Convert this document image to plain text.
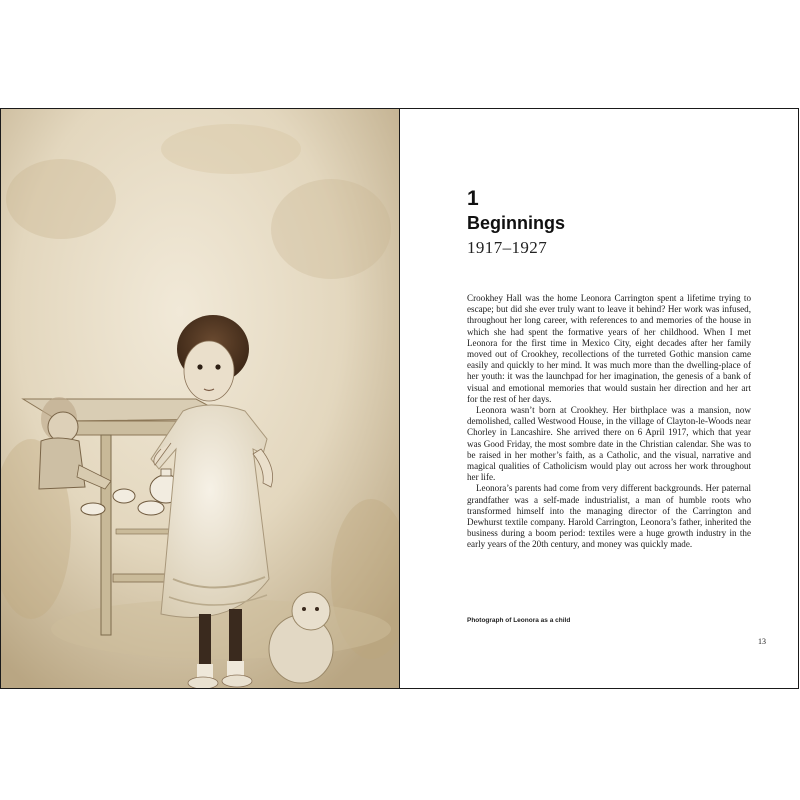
1
Beginnings
1917–1927

Crookhey Hall was the home Leonora Carrington spent a lifetime trying to escape; but did she ever truly want to leave it behind? Her work was infused, throughout her long career, with references to and memories of the house in which she had spent the formative years of her childhood. When I met Leonora for the first time in Mexico City, eight decades after her family moved out of Crookhey, recollections of the turreted Gothic mansion came easily and quickly to her mind. It was much more than the dwelling-place of her youth: it was the launchpad for her imagination, the genesis of a bank of visual and emotional memories that would sustain her direction and her art for the rest of her days.

Leonora wasn’t born at Crookhey. Her birthplace was a mansion, now demolished, called Westwood House, in the village of Clayton-le-Woods near Chorley in Lancashire. She arrived there on 6 April 1917, which that year was Good Friday, the most sombre date in the Christian calendar. She was to be raised in her mother’s faith, as a Catholic, and the visual, narrative and magical qualities of Catholicism would play out across her work throughout her life.

Leonora’s parents had come from very different backgrounds. Her paternal grandfather was a self-made industrialist, a man of humble roots who transformed himself into the managing director of the Carrington and Dewhurst textile company. Harold Carrington, Leonora’s father, inherited the business during a boom period: textiles were a huge growth industry in the early years of the 20th century, and money was quickly made.

Photograph of Leonora as a child
13
